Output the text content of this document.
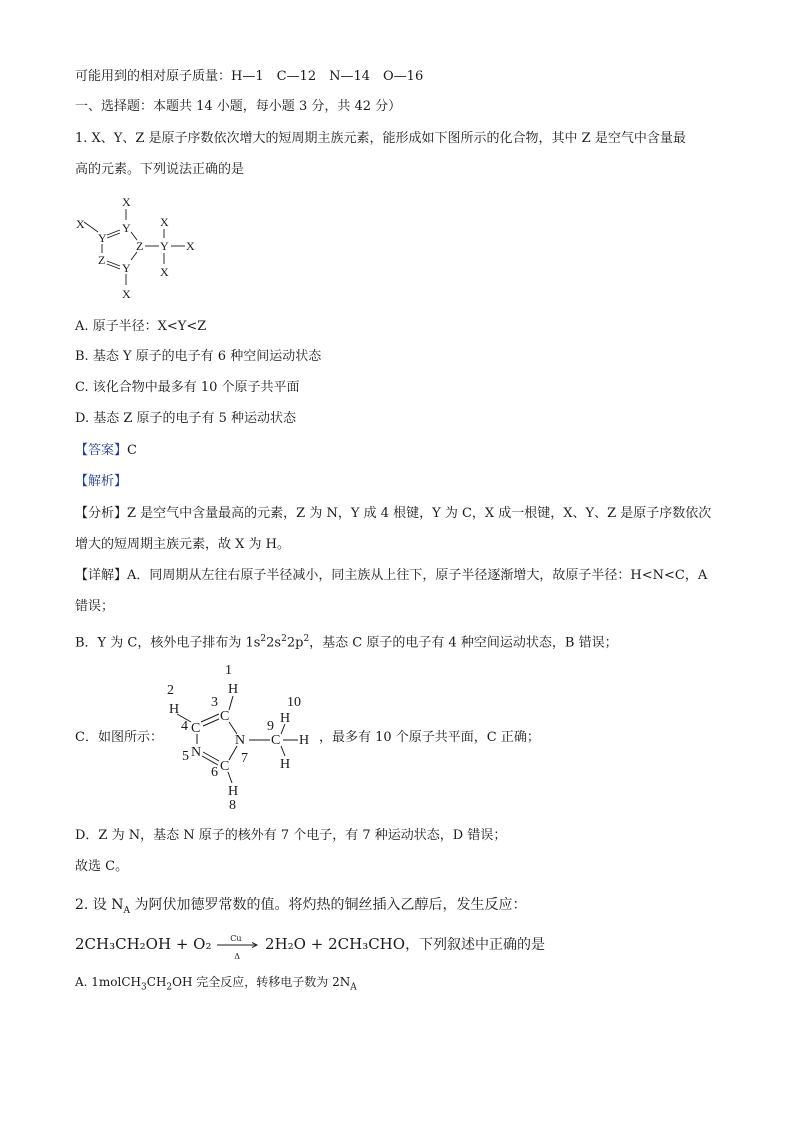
可能用到的相对原子质量：H—1　C—12　N—14　O—16
一、选择题：本题共 14 小题，每小题 3 分，共 42 分）
1. X、Y、Z 是原子序数依次增大的短周期主族元素，能形成如下图所示的化合物，其中 Z 是空气中含量最
高的元素。下列说法正确的是
X
X
X
X
X
X
Y
Y
Y
Y
Z
Z
A. 原子半径：X<Y<Z
B. 基态 Y 原子的电子有 6 种空间运动状态
C. 该化合物中最多有 10 个原子共平面
D. 基态 Z 原子的电子有 5 种运动状态
【答案】C
【解析】
【分析】Z 是空气中含量最高的元素，Z 为 N，Y 成 4 根键，Y 为 C，X 成一根键，X、Y、Z 是原子序数依次
增大的短周期主族元素，故 X 为 H。
【详解】A．同周期从左往右原子半径减小，同主族从上往下，原子半径逐渐增大，故原子半径：H<N<C，A
错误；
B．Y 为 C，核外电子排布为 $1s^22s^22p^2$，基态 C 原子的电子有 4 种空间运动状态，B 错误；
C．如图所示：
1
2
3
4
5
6
7
8
9
10
H
H
C
C
N
N
C
H
C
H
H
H
，最多有 10 个原子共平面，C 正确；
D．Z 为 N，基态 N 原子的核外有 7 个电子，有 7 种运动状态，D 错误；
故选 C。
2. 设 $N_A$ 为阿伏加德罗常数的值。将灼热的铜丝插入乙醇后，发生反应：
2CH₃CH₂OH + O₂ Cu
Δ
2H₂O + 2CH₃CHO，下列叙述中正确的是
A. $1molCH_3CH_2OH$ 完全反应，转移电子数为 $2N_A$
